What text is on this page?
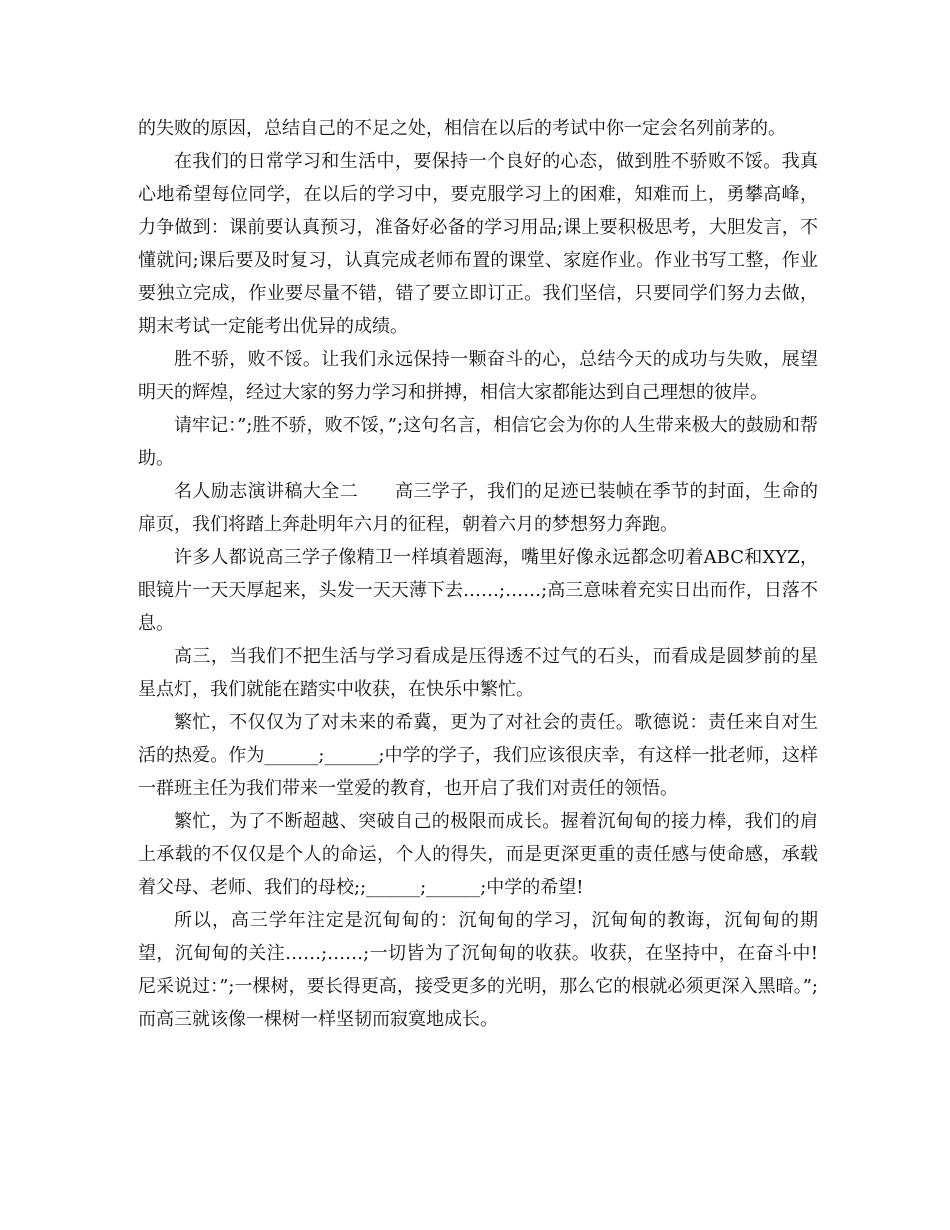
的失败的原因，总结自己的不足之处，相信在以后的考试中你一定会名列前茅的。

在我们的日常学习和生活中，要保持一个良好的心态，做到胜不骄败不馁。我真心地希望每位同学，在以后的学习中，要克服学习上的困难，知难而上，勇攀高峰，力争做到：课前要认真预习，准备好必备的学习用品;课上要积极思考，大胆发言，不懂就问;课后要及时复习，认真完成老师布置的课堂、家庭作业。作业书写工整，作业要独立完成，作业要尽量不错，错了要立即订正。我们坚信，只要同学们努力去做，期末考试一定能考出优异的成绩。

胜不骄，败不馁。让我们永远保持一颗奋斗的心，总结今天的成功与失败，展望明天的辉煌，经过大家的努力学习和拼搏，相信大家都能达到自己理想的彼岸。

请牢记：”;胜不骄，败不馁，”;这句名言，相信它会为你的人生带来极大的鼓励和帮助。

名人励志演讲稿大全二　　高三学子，我们的足迹已装帧在季节的封面，生命的扉页，我们将踏上奔赴明年六月的征程，朝着六月的梦想努力奔跑。

许多人都说高三学子像精卫一样填着题海，嘴里好像永远都念叨着ABC和XYZ，眼镜片一天天厚起来，头发一天天薄下去……;……;高三意味着充实日出而作，日落不息。

高三，当我们不把生活与学习看成是压得透不过气的石头，而看成是圆梦前的星星点灯，我们就能在踏实中收获，在快乐中繁忙。

繁忙，不仅仅为了对未来的希冀，更为了对社会的责任。歌德说：责任来自对生活的热爱。作为______;______;中学的学子，我们应该很庆幸，有这样一批老师，这样一群班主任为我们带来一堂爱的教育，也开启了我们对责任的领悟。

繁忙，为了不断超越、突破自己的极限而成长。握着沉甸甸的接力棒，我们的肩上承载的不仅仅是个人的命运，个人的得失，而是更深更重的责任感与使命感，承载着父母、老师、我们的母校;;______;______;中学的希望!

所以，高三学年注定是沉甸甸的：沉甸甸的学习，沉甸甸的教诲，沉甸甸的期望，沉甸甸的关注……;……;一切皆为了沉甸甸的收获。收获，在坚持中，在奋斗中!尼采说过：”;一棵树，要长得更高，接受更多的光明，那么它的根就必须更深入黑暗。”;而高三就该像一棵树一样坚韧而寂寞地成长。
